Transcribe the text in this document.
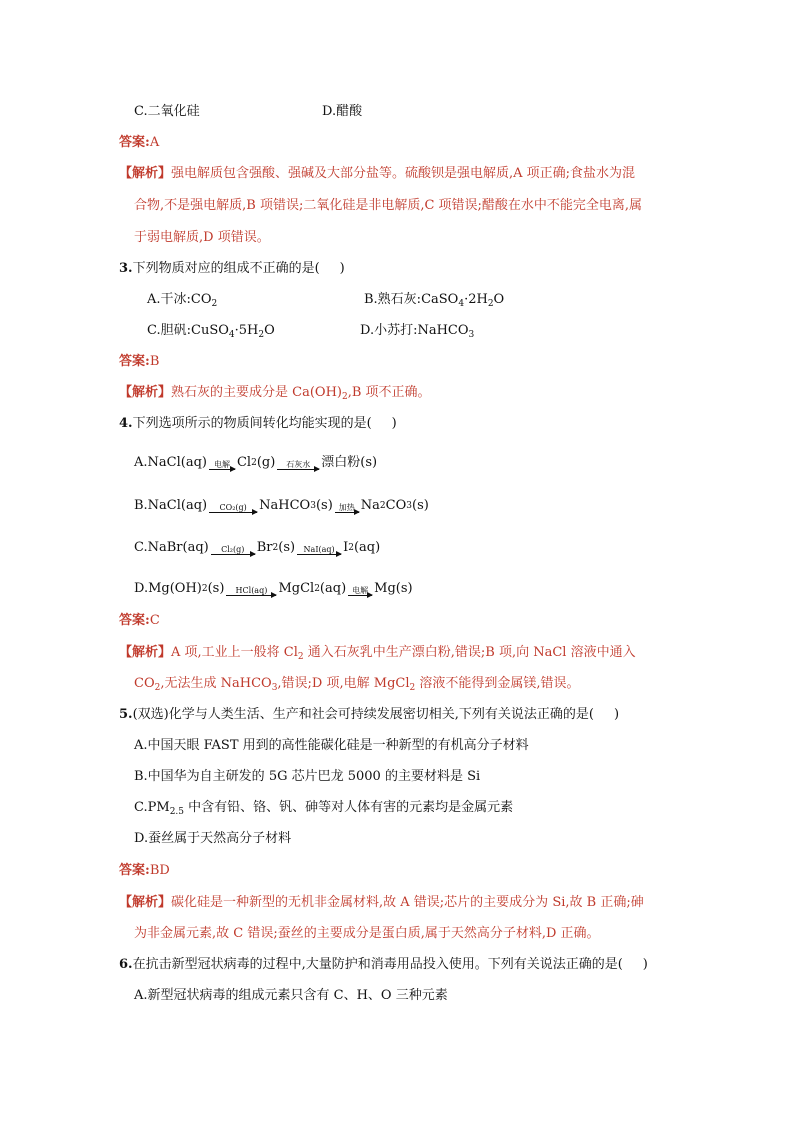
C.二氧化硅	D.醋酸
答案:A
【解析】强电解质包含强酸、强碱及大部分盐等。硫酸钡是强电解质,A 项正确;食盐水为混
合物,不是强电解质,B 项错误;二氧化硅是非电解质,C 项错误;醋酸在水中不能完全电离,属
于弱电解质,D 项错误。
3.下列物质对应的组成不正确的是( )
A.干冰$:CO_2$	B.熟石灰$:CaSO_4\cdot 2H_2O$
C.胆矾$:CuSO_4\cdot 5H_2O$	D.小苏打:NaHCO$_3$
答案:B
【解析】熟石灰的主要成分是 $Ca(OH)_2,B$ 项不正确。
4.下列选项所示的物质间转化均能实现的是( )
A.NaCl(aq) 电解 Cl 2 (g) 石灰水 漂白粉(s)
B.NaCl(aq) CO₂(g) NaHCO 3 (s) 加热 Na 2 CO 3 (s)
C.NaBr(aq) Cl₂(g) Br 2 (s) NaI(aq) I 2 (aq)
D.Mg(OH) 2 (s) HCl(aq) MgCl 2 (aq) 电解 Mg(s)
答案:C
【解析】A 项,工业上一般将 $Cl_2$ 通入石灰乳中生产漂白粉,错误;B 项,向 NaCl 溶液中通入
$CO_2$,无法生成 NaHCO$_3$,错误;D 项,电解 MgCl$_2$ 溶液不能得到金属镁,错误。
5.(双选)化学与人类生活、生产和社会可持续发展密切相关,下列有关说法正确的是( )
A.中国天眼 FAST 用到的高性能碳化硅是一种新型的有机高分子材料
B.中国华为自主研发的 5G 芯片巴龙 5000 的主要材料是 Si
$C.PM_{2.5}$ 中含有铅、铬、钒、砷等对人体有害的元素均是金属元素
D.蚕丝属于天然高分子材料
答案:BD
【解析】碳化硅是一种新型的无机非金属材料,故 A 错误;芯片的主要成分为 Si,故 B 正确;砷
为非金属元素,故 C 错误;蚕丝的主要成分是蛋白质,属于天然高分子材料,D 正确。
6.在抗击新型冠状病毒的过程中,大量防护和消毒用品投入使用。下列有关说法正确的是( )
A.新型冠状病毒的组成元素只含有 C、H、O 三种元素
